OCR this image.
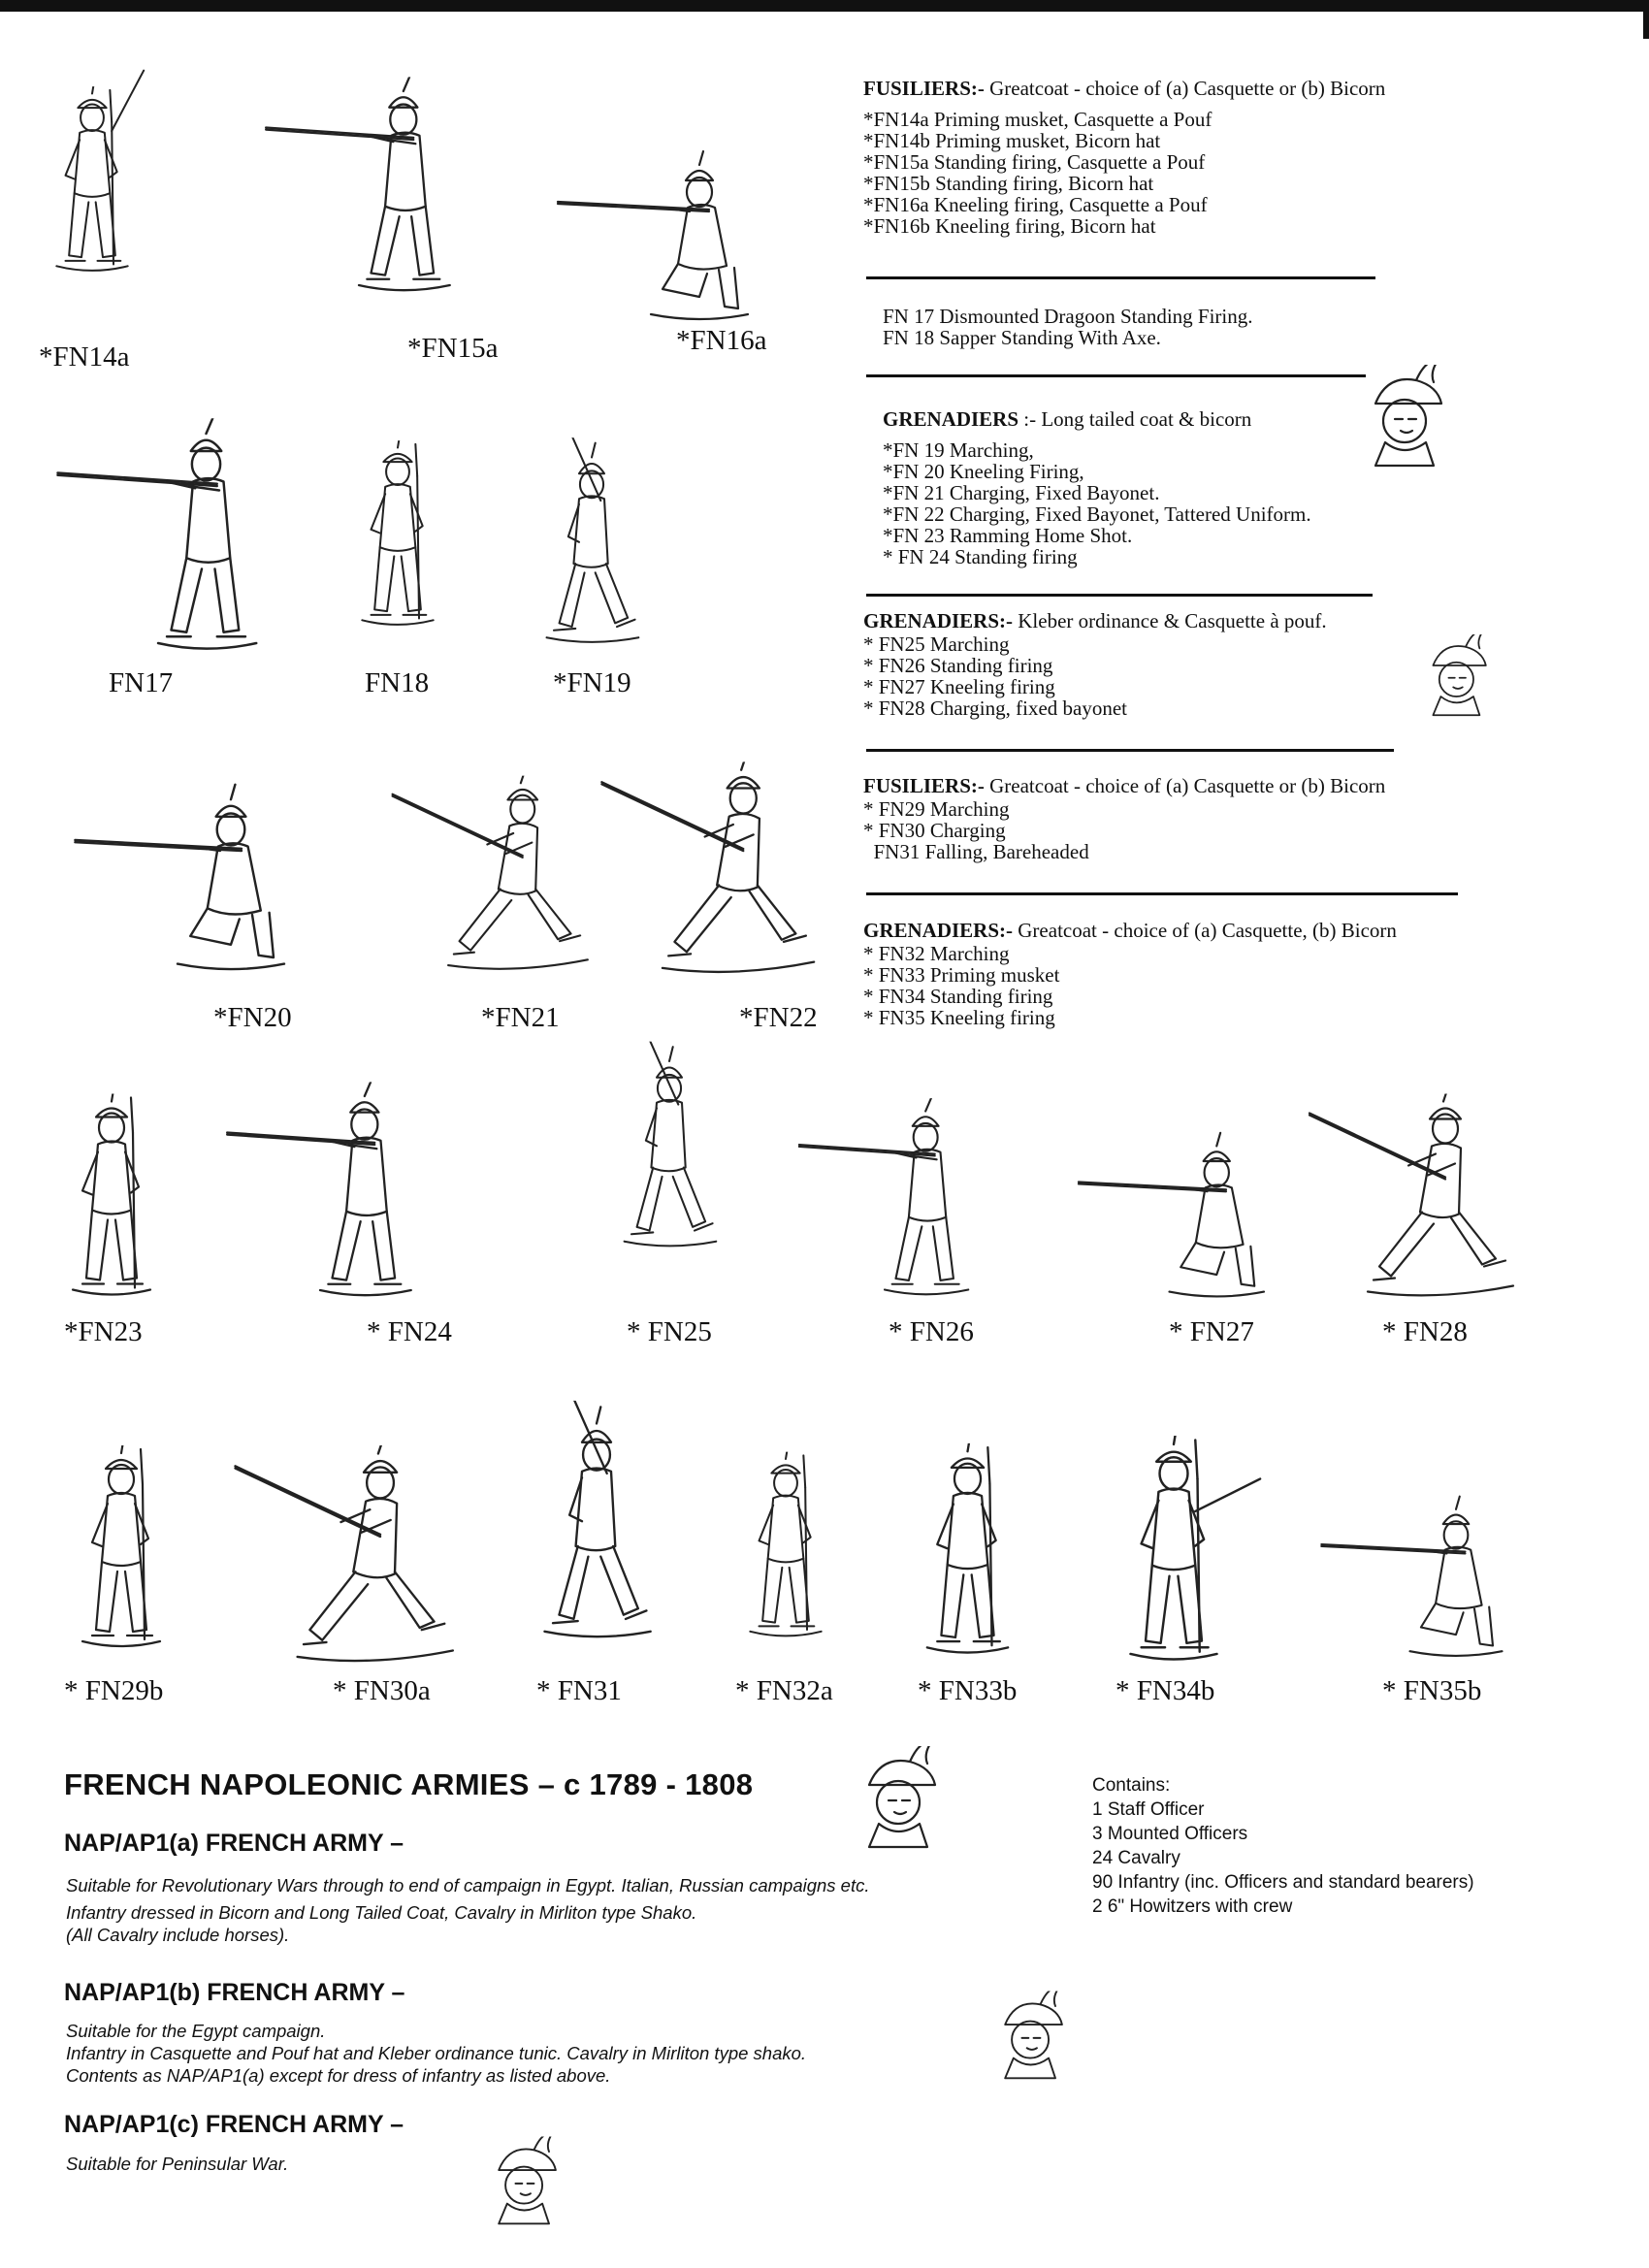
*FN14a	*FN15a	*FN16a
FUSILIERS:- Greatcoat - choice of (a) Casquette or (b) Bicorn
*FN14a Priming musket, Casquette a Pouf
*FN14b Priming musket, Bicorn hat
*FN15a Standing firing, Casquette a Pouf
*FN15b Standing firing, Bicorn hat
*FN16a Kneeling firing, Casquette a Pouf
*FN16b Kneeling firing, Bicorn hat
FN 17 Dismounted Dragoon Standing Firing.
FN 18 Sapper Standing With Axe.
GRENADIERS :- Long tailed coat & bicorn
*FN 19 Marching,
*FN 20 Kneeling Firing,
*FN 21 Charging, Fixed Bayonet.
*FN 22 Charging, Fixed Bayonet, Tattered Uniform.
*FN 23 Ramming Home Shot.
* FN 24 Standing firing
GRENADIERS:- Kleber ordinance & Casquette à pouf.
* FN25 Marching
* FN26 Standing firing
* FN27 Kneeling firing
* FN28 Charging, fixed bayonet
FUSILIERS:- Greatcoat - choice of (a) Casquette or (b) Bicorn
* FN29 Marching
* FN30 Charging
FN31 Falling, Bareheaded
GRENADIERS:- Greatcoat - choice of (a) Casquette, (b) Bicorn
* FN32 Marching
* FN33 Priming musket
* FN34 Standing firing
* FN35 Kneeling firing
FN17	FN18	*FN19
*FN20	*FN21	*FN22
*FN23	* FN24	* FN25	* FN26	* FN27	* FN28
* FN29b	* FN30a	* FN31	* FN32a	* FN33b	* FN34b	* FN35b
FRENCH NAPOLEONIC ARMIES – c 1789 - 1808
NAP/AP1(a) FRENCH ARMY –
Suitable for Revolutionary Wars through to end of campaign in Egypt. Italian, Russian campaigns etc.
Infantry dressed in Bicorn and Long Tailed Coat, Cavalry in Mirliton type Shako.
(All Cavalry include horses).
Contains:
1 Staff Officer
3 Mounted Officers
24 Cavalry
90 Infantry (inc. Officers and standard bearers)
2 6" Howitzers with crew
NAP/AP1(b) FRENCH ARMY –
Suitable for the Egypt campaign.
Infantry in Casquette and Pouf hat and Kleber ordinance tunic. Cavalry in Mirliton type shako.
Contents as NAP/AP1(a) except for dress of infantry as listed above.
NAP/AP1(c) FRENCH ARMY –
Suitable for Peninsular War.
